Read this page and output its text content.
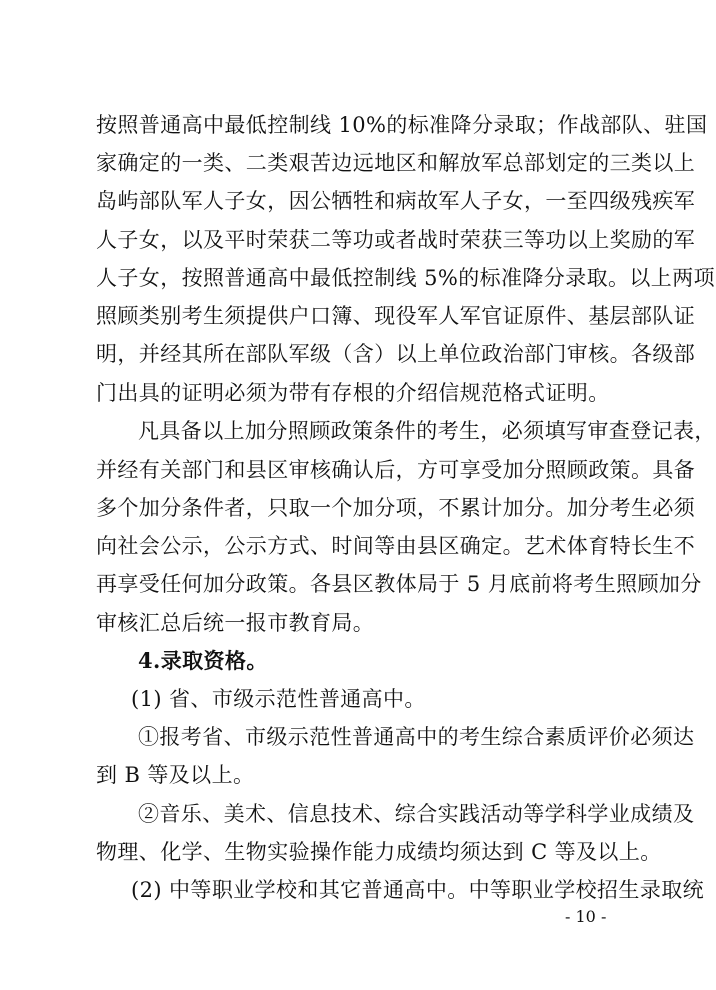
按照普通高中最低控制线 10%的标准降分录取；作战部队、驻国
家确定的一类、二类艰苦边远地区和解放军总部划定的三类以上
岛屿部队军人子女，因公牺牲和病故军人子女，一至四级残疾军
人子女，以及平时荣获二等功或者战时荣获三等功以上奖励的军
人子女，按照普通高中最低控制线 5%的标准降分录取。以上两项
照顾类别考生须提供户口簿、现役军人军官证原件、基层部队证
明，并经其所在部队军级（含）以上单位政治部门审核。各级部
门出具的证明必须为带有存根的介绍信规范格式证明。
凡具备以上加分照顾政策条件的考生，必须填写审查登记表，
并经有关部门和县区审核确认后，方可享受加分照顾政策。具备
多个加分条件者，只取一个加分项，不累计加分。加分考生必须
向社会公示，公示方式、时间等由县区确定。艺术体育特长生不
再享受任何加分政策。各县区教体局于 5 月底前将考生照顾加分
审核汇总后统一报市教育局。
4.录取资格。
(1) 省、市级示范性普通高中。
①报考省、市级示范性普通高中的考生综合素质评价必须达
到 B 等及以上。
②音乐、美术、信息技术、综合实践活动等学科学业成绩及
物理、化学、生物实验操作能力成绩均须达到 C 等及以上。
(2) 中等职业学校和其它普通高中。中等职业学校招生录取统
- 10 -
